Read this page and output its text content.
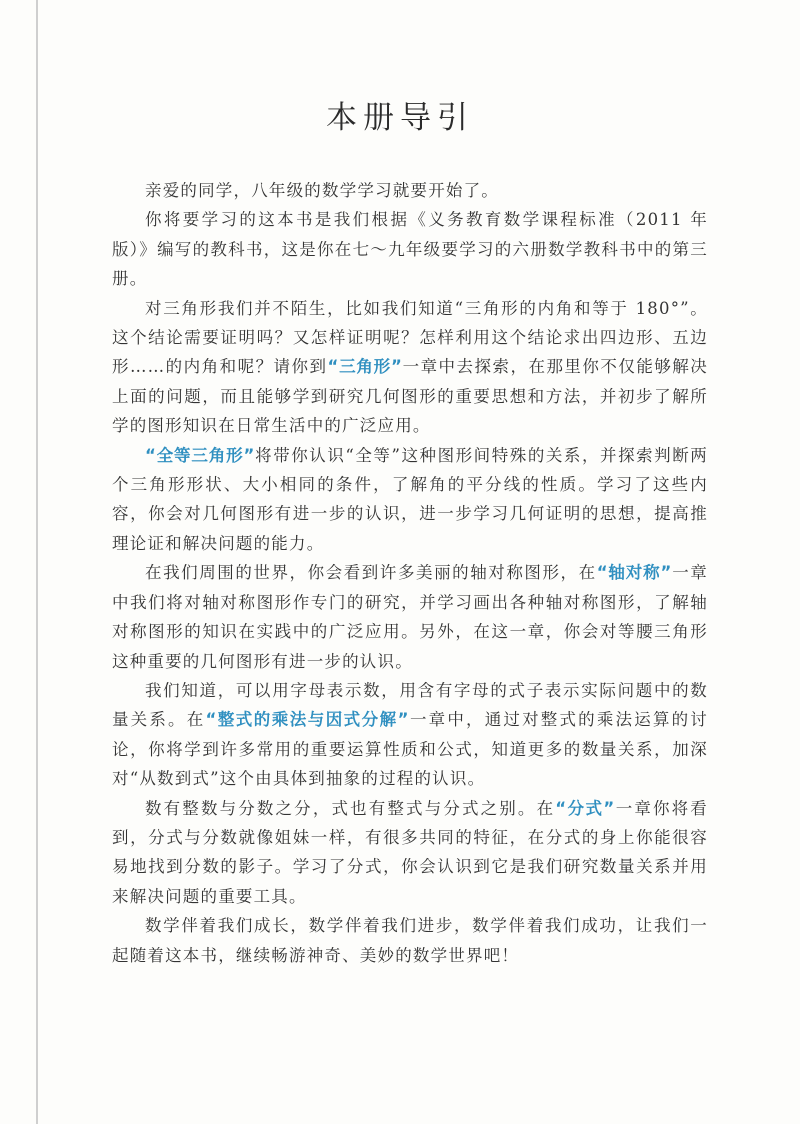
本册导引

亲爱的同学，八年级的数学学习就要开始了。

你将要学习的这本书是我们根据《义务教育数学课程标准（2011 年版）》编写的教科书，这是你在七～九年级要学习的六册数学教科书中的第三册。

对三角形我们并不陌生，比如我们知道“三角形的内角和等于 180°”。这个结论需要证明吗？又怎样证明呢？怎样利用这个结论求出四边形、五边形……的内角和呢？请你到“三角形”一章中去探索，在那里你不仅能够解决上面的问题，而且能够学到研究几何图形的重要思想和方法，并初步了解所学的图形知识在日常生活中的广泛应用。

“全等三角形”将带你认识“全等”这种图形间特殊的关系，并探索判断两个三角形形状、大小相同的条件，了解角的平分线的性质。学习了这些内容，你会对几何图形有进一步的认识，进一步学习几何证明的思想，提高推理论证和解决问题的能力。

在我们周围的世界，你会看到许多美丽的轴对称图形，在“轴对称”一章中我们将对轴对称图形作专门的研究，并学习画出各种轴对称图形，了解轴对称图形的知识在实践中的广泛应用。另外，在这一章，你会对等腰三角形这种重要的几何图形有进一步的认识。

我们知道，可以用字母表示数，用含有字母的式子表示实际问题中的数量关系。在“整式的乘法与因式分解”一章中，通过对整式的乘法运算的讨论，你将学到许多常用的重要运算性质和公式，知道更多的数量关系，加深对“从数到式”这个由具体到抽象的过程的认识。

数有整数与分数之分，式也有整式与分式之别。在“分式”一章你将看到，分式与分数就像姐妹一样，有很多共同的特征，在分式的身上你能很容易地找到分数的影子。学习了分式，你会认识到它是我们研究数量关系并用来解决问题的重要工具。

数学伴着我们成长，数学伴着我们进步，数学伴着我们成功，让我们一起随着这本书，继续畅游神奇、美妙的数学世界吧！
